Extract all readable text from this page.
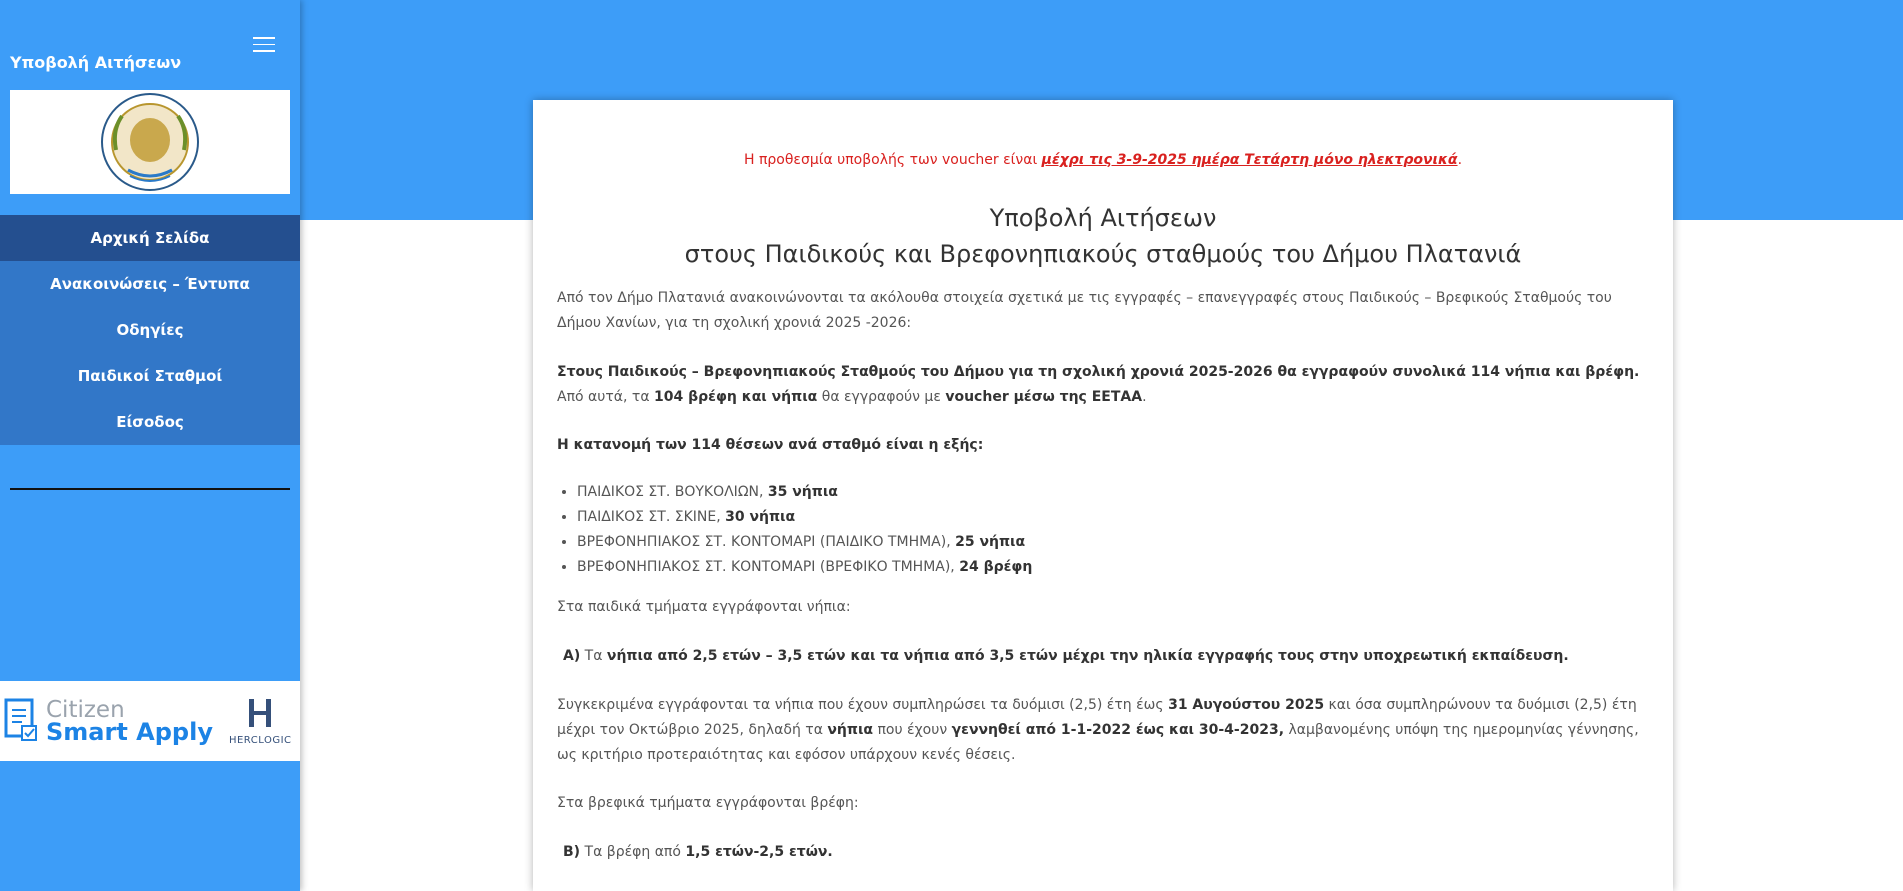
Υποβολή Αιτήσεων
Αρχική Σελίδα
Ανακοινώσεις – Έντυπα
Οδηγίες
Παιδικοί Σταθμοί
Είσοδος
Citizen
Smart Apply HERCLOGIC
Η προθεσμία υποβολής των voucher είναι μέχρι τις 3-9-2025 ημέρα Τετάρτη μόνο ηλεκτρονικά.
Υποβολή Αιτήσεων
στους Παιδικούς και Βρεφονηπιακούς σταθμούς του Δήμου Πλατανιά
Από τον Δήμο Πλατανιά ανακοινώνονται τα ακόλουθα στοιχεία σχετικά με τις εγγραφές – επανεγγραφές στους Παιδικούς – Βρεφικούς Σταθμούς του Δήμου Χανίων, για τη σχολική χρονιά 2025 -2026:
Στους Παιδικούς – Βρεφονηπιακούς Σταθμούς του Δήμου για τη σχολική χρονιά 2025-2026 θα εγγραφούν συνολικά 114 νήπια και βρέφη. Από αυτά, τα 104 βρέφη και νήπια θα εγγραφούν με voucher μέσω της ΕΕΤΑΑ.
Η κατανομή των 114 θέσεων ανά σταθμό είναι η εξής:
• ΠΑΙΔΙΚΟΣ ΣΤ. ΒΟΥΚΟΛΙΩΝ, 35 νήπια
• ΠΑΙΔΙΚΟΣ ΣΤ. ΣΚΙΝΕ, 30 νήπια
• ΒΡΕΦΟΝΗΠΙΑΚΟΣ ΣΤ. ΚΟΝΤΟΜΑΡΙ (ΠΑΙΔΙΚΟ ΤΜΗΜΑ), 25 νήπια
• ΒΡΕΦΟΝΗΠΙΑΚΟΣ ΣΤ. ΚΟΝΤΟΜΑΡΙ (ΒΡΕΦΙΚΟ ΤΜΗΜΑ), 24 βρέφη
Στα παιδικά τμήματα εγγράφονται νήπια:
Α) Τα νήπια από 2,5 ετών – 3,5 ετών και τα νήπια από 3,5 ετών μέχρι την ηλικία εγγραφής τους στην υποχρεωτική εκπαίδευση.
Συγκεκριμένα εγγράφονται τα νήπια που έχουν συμπληρώσει τα δυόμισι (2,5) έτη έως 31 Αυγούστου 2025 και όσα συμπληρώνουν τα δυόμισι (2,5) έτη μέχρι τον Οκτώβριο 2025, δηλαδή τα νήπια που έχουν γεννηθεί από 1-1-2022 έως και 30-4-2023, λαμβανομένης υπόψη της ημερομηνίας γέννησης, ως κριτήριο προτεραιότητας και εφόσον υπάρχουν κενές θέσεις.
Στα βρεφικά τμήματα εγγράφονται βρέφη:
Β) Τα βρέφη από 1,5 ετών-2,5 ετών.
